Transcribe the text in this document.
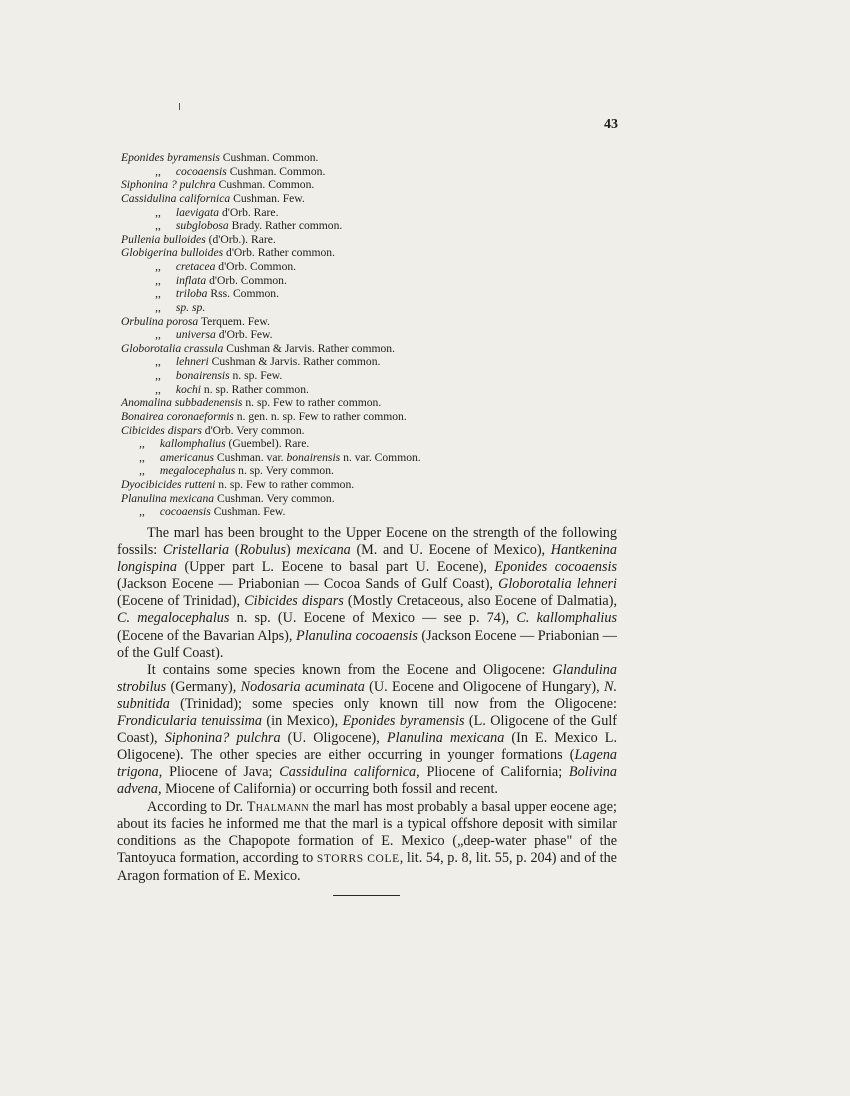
43
Eponides byramensis Cushman. Common.
,, cocoaensis Cushman. Common.
Siphonina ? pulchra Cushman. Common.
Cassidulina californica Cushman. Few.
,, laevigata d'Orb. Rare.
,, subglobosa Brady. Rather common.
Pullenia bulloides (d'Orb.). Rare.
Globigerina bulloides d'Orb. Rather common.
,, cretacea d'Orb. Common.
,, inflata d'Orb. Common.
,, triloba Rss. Common.
,, sp. sp.
Orbulina porosa Terquem. Few.
,, universa d'Orb. Few.
Globorotalia crassula Cushman & Jarvis. Rather common.
,, lehneri Cushman & Jarvis. Rather common.
,, bonairensis n. sp. Few.
,, kochi n. sp. Rather common.
Anomalina subbadenensis n. sp. Few to rather common.
Bonairea coronaeformis n. gen. n. sp. Few to rather common.
Cibicides dispars d'Orb. Very common.
,, kallomphalius (Guembel). Rare.
,, americanus Cushman. var. bonairensis n. var. Common.
,, megalocephalus n. sp. Very common.
Dyocibicides rutteni n. sp. Few to rather common.
Planulina mexicana Cushman. Very common.
,, cocoaensis Cushman. Few.

The marl has been brought to the Upper Eocene on the strength of the following fossils: Cristellaria (Robulus) mexicana (M. and U. Eocene of Mexico), Hantkenina longispina (Upper part L. Eocene to basal part U. Eocene), Eponides cocoaensis (Jackson Eocene — Priabonian — Cocoa Sands of Gulf Coast), Globorotalia lehneri (Eocene of Trinidad), Cibicides dispars (Mostly Cretaceous, also Eocene of Dalmatia), C. megalocephalus n. sp. (U. Eocene of Mexico — see p. 74), C. kallomphalius (Eocene of the Bavarian Alps), Planulina cocoaensis (Jackson Eocene — Priabonian — of the Gulf Coast).

It contains some species known from the Eocene and Oligocene: Glandulina strobilus (Germany), Nodosaria acuminata (U. Eocene and Oligocene of Hungary), N. subnitida (Trinidad); some species only known till now from the Oligocene: Frondicularia tenuissima (in Mexico), Eponides byramensis (L. Oligocene of the Gulf Coast), Siphonina? pulchra (U. Oligocene), Planulina mexicana (In E. Mexico L. Oligocene). The other species are either occurring in younger formations (Lagena trigona, Pliocene of Java; Cassidulina californica, Pliocene of California; Bolivina advena, Miocene of California) or occurring both fossil and recent.

According to Dr. Thalmann the marl has most probably a basal upper eocene age; about its facies he informed me that the marl is a typical offshore deposit with similar conditions as the Chapopote formation of E. Mexico („deep-water phase" of the Tantoyuca formation, according to STORRS COLE, lit. 54, p. 8, lit. 55, p. 204) and of the Aragon formation of E. Mexico.
